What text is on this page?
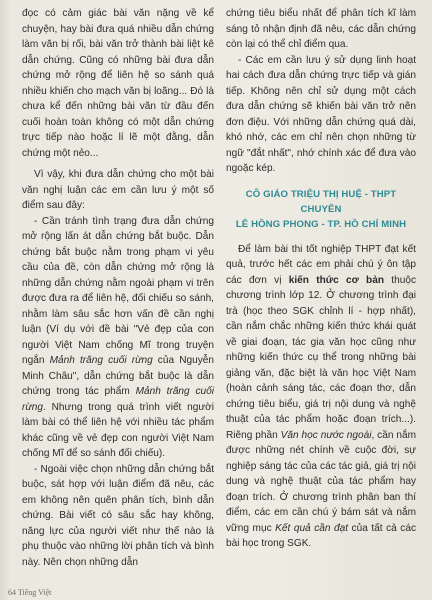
đọc có cảm giác bài văn nặng về kể chuyện, hay bài đưa quá nhiều dẫn chứng làm văn bị rối, bài văn trở thành bài liệt kê dẫn chứng. Cũng có những bài đưa dẫn chứng mở rộng để liên hệ so sánh quá nhiều khiến cho mạch văn bị loãng... Đó là chưa kể đến những bài văn từ đầu đến cuối hoàn toàn không có một dẫn chứng trực tiếp nào hoặc lí lẽ một đằng, dẫn chứng một nẻo...

Vì vậy, khi đưa dẫn chứng cho một bài văn nghị luận các em cần lưu ý một số điểm sau đây:

- Cần tránh tình trạng đưa dẫn chứng mở rộng lấn át dẫn chứng bắt buộc. Dẫn chứng bắt buộc nằm trong phạm vi yêu cầu của đề, còn dẫn chứng mở rộng là những dẫn chứng nằm ngoài phạm vi trên được đưa ra để liên hệ, đối chiếu so sánh, nhằm làm sâu sắc hơn vấn đề cần nghị luận (Ví dụ với đề bài "Vẻ đẹp của con người Việt Nam chống Mĩ trong truyện ngắn Mảnh trăng cuối rừng của Nguyễn Minh Châu", dẫn chứng bắt buộc là dẫn chứng trong tác phẩm Mảnh trăng cuối rừng. Nhưng trong quá trình viết người làm bài có thể liên hệ với nhiều tác phẩm khác cũng về vẻ đẹp con người Việt Nam chống Mĩ để so sánh đối chiếu).

- Ngoài việc chọn những dẫn chứng bắt buộc, sát hợp với luận điểm đã nêu, các em không nên quên phân tích, bình dẫn chứng. Bài viết có sâu sắc hay không, năng lực của người viết như thế nào là phụ thuộc vào những lời phân tích và bình này. Nên chọn những dẫn

chứng tiêu biểu nhất để phân tích kĩ làm sáng tỏ nhận định đã nêu, các dẫn chứng còn lại có thể chỉ điểm qua.

- Các em cần lưu ý sử dụng linh hoạt hai cách đưa dẫn chứng trực tiếp và gián tiếp. Không nên chỉ sử dụng một cách đưa dẫn chứng sẽ khiến bài văn trở nên đơn điệu. Với những dẫn chứng quá dài, khó nhớ, các em chỉ nên chọn những từ ngữ "đắt nhất", nhớ chính xác để đưa vào ngoặc kép.

CÔ GIÁO TRIỆU THỊ HUỆ - THPT CHUYÊN
LÊ HỒNG PHONG - TP. HỒ CHÍ MINH

Để làm bài thi tốt nghiệp THPT đạt kết quả, trước hết các em phải chú ý ôn tập các đơn vị kiến thức cơ bản thuộc chương trình lớp 12. Ở chương trình đại trà (học theo SGK chỉnh lí - hợp nhất), cần nắm chắc những kiến thức khái quát về giai đoạn, tác gia văn học cũng như những kiến thức cụ thể trong những bài giảng văn, đặc biệt là văn học Việt Nam (hoàn cảnh sáng tác, các đoạn thơ, dẫn chứng tiêu biểu, giá trị nội dung và nghệ thuật của tác phẩm hoặc đoạn trích...). Riêng phần Văn học nước ngoài, cần nắm được những nét chính về cuộc đời, sự nghiệp sáng tác của các tác giả, giá trị nội dung và nghệ thuật của tác phẩm hay đoạn trích. Ở chương trình phân ban thí điểm, các em cần chú ý bám sát và nắm vững mục Kết quả cần đạt của tất cả các bài học trong SGK.

64 Tiếng Việt
